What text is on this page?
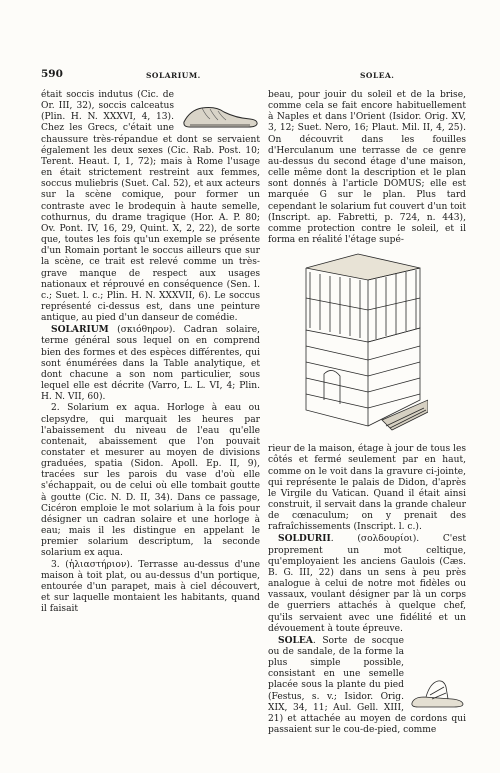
590	SOLARIUM.	SOLEA.

était soccis indutus (Cic. de Or. III, 32), soccis calceatus (Plin. H. N. XXXVI, 4, 13). Chez les Grecs, c'était une chaussure très-répandue et dont se servaient également les deux sexes (Cic. Rab. Post. 10; Terent. Heaut. I, 1, 72); mais à Rome l'usage en était strictement restreint aux femmes, soccus muliebris (Suet. Cal. 52), et aux acteurs sur la scène comique, pour former un contraste avec le brodequin à haute semelle, cothurnus, du drame tragique (Hor. A. P. 80; Ov. Pont. IV, 16, 29, Quint. X, 2, 22), de sorte que, toutes les fois qu'un exemple se présente d'un Romain portant le soccus ailleurs que sur la scène, ce trait est relevé comme un très-grave manque de respect aux usages nationaux et réprouvé en conséquence (Sen. l. c.; Suet. l. c.; Plin. H. N. XXXVII, 6). Le soccus représenté ci-dessus est, dans une peinture antique, au pied d'un danseur de comédie.

SOLARIUM (σκιόθηρον). Cadran solaire, terme général sous lequel on en comprend bien des formes et des espèces différentes, qui sont énumérées dans la Table analytique, et dont chacune a son nom particulier, sous lequel elle est décrite (Varro, L. L. VI, 4; Plin. H. N. VII, 60).

2. Solarium ex aqua. Horloge à eau ou clepsydre, qui marquait les heures par l'abaissement du niveau de l'eau qu'elle contenait, abaissement que l'on pouvait constater et mesurer au moyen de divisions graduées, spatia (Sidon. Apoll. Ep. II, 9), tracées sur les parois du vase d'où elle s'échappait, ou de celui où elle tombait goutte à goutte (Cic. N. D. II, 34). Dans ce passage, Cicéron emploie le mot solarium à la fois pour désigner un cadran solaire et une horloge à eau; mais il les distingue en appelant le premier solarium descriptum, la seconde solarium ex aqua.

3. (ἡλιαστήριον). Terrasse au-dessus d'une maison à toit plat, ou au-dessus d'un portique, entourée d'un parapet, mais à ciel découvert, et sur laquelle montaient les habitants, quand il faisait

beau, pour jouir du soleil et de la brise, comme cela se fait encore habituellement à Naples et dans l'Orient (Isidor. Orig. XV, 3, 12; Suet. Nero, 16; Plaut. Mil. II, 4, 25). On découvrit dans les fouilles d'Herculanum une terrasse de ce genre au-dessus du second étage d'une maison, celle même dont la description et le plan sont donnés à l'article DOMUS; elle est marquée G sur le plan. Plus tard cependant le solarium fut couvert d'un toit (Inscript. ap. Fabretti, p. 724, n. 443), comme protection contre le soleil, et il forma en réalité l'étage supé-

rieur de la maison, étage à jour de tous les côtés et fermé seulement par en haut, comme on le voit dans la gravure ci-jointe, qui représente le palais de Didon, d'après le Virgile du Vatican. Quand il était ainsi construit, il servait dans la grande chaleur de cœnaculum; on y prenait des rafraîchissements (Inscript. l. c.).

SOLDURII. (σολδουρίοι). C'est proprement un mot celtique, qu'employaient les anciens Gaulois (Cæs. B. G. III, 22) dans un sens à peu près analogue à celui de notre mot fidèles ou vassaux, voulant désigner par là un corps de guerriers attachés à quelque chef, qu'ils servaient avec une fidélité et un dévouement à toute épreuve.

SOLEA. Sorte de socque ou de sandale, de la forme la plus simple possible, consistant en une semelle placée sous la plante du pied (Festus, s. v.; Isidor. Orig. XIX, 34, 11; Aul. Gell. XIII, 21) et attachée au moyen de cordons qui passaient sur le cou-de-pied, comme
